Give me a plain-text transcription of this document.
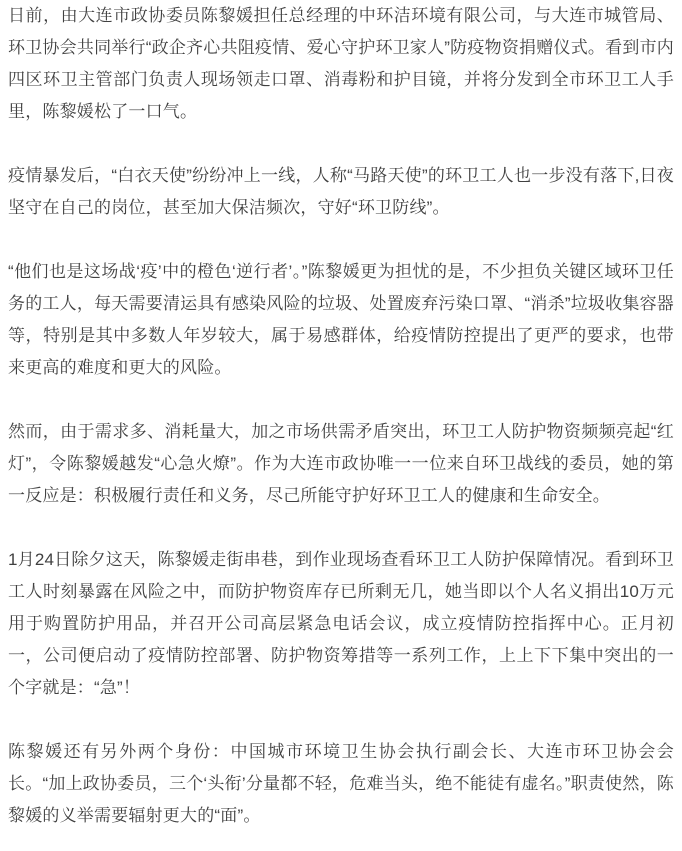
日前，由大连市政协委员陈黎媛担任总经理的中环洁环境有限公司，与大连市城管局、环卫协会共同举行“政企齐心共阻疫情、爱心守护环卫家人”防疫物资捐赠仪式。看到市内四区环卫主管部门负责人现场领走口罩、消毒粉和护目镜，并将分发到全市环卫工人手里，陈黎媛松了一口气。

疫情暴发后，“白衣天使”纷纷冲上一线，人称“马路天使”的环卫工人也一步没有落下,日夜坚守在自己的岗位，甚至加大保洁频次，守好“环卫防线”。

“他们也是这场战‘疫’中的橙色‘逆行者’。”陈黎媛更为担忧的是，不少担负关键区域环卫任务的工人，每天需要清运具有感染风险的垃圾、处置废弃污染口罩、“消杀”垃圾收集容器等，特别是其中多数人年岁较大，属于易感群体，给疫情防控提出了更严的要求，也带来更高的难度和更大的风险。

然而，由于需求多、消耗量大，加之市场供需矛盾突出，环卫工人防护物资频频亮起“红灯”，令陈黎媛越发“心急火燎”。作为大连市政协唯一一位来自环卫战线的委员，她的第一反应是：积极履行责任和义务，尽己所能守护好环卫工人的健康和生命安全。

1月24日除夕这天，陈黎媛走街串巷，到作业现场查看环卫工人防护保障情况。看到环卫工人时刻暴露在风险之中，而防护物资库存已所剩无几，她当即以个人名义捐出10万元用于购置防护用品，并召开公司高层紧急电话会议，成立疫情防控指挥中心。正月初一，公司便启动了疫情防控部署、防护物资筹措等一系列工作，上上下下集中突出的一个字就是：“急”！

陈黎媛还有另外两个身份：中国城市环境卫生协会执行副会长、大连市环卫协会会长。“加上政协委员，三个‘头衔’分量都不轻，危难当头，绝不能徒有虚名。”职责使然，陈黎媛的义举需要辐射更大的“面”。
